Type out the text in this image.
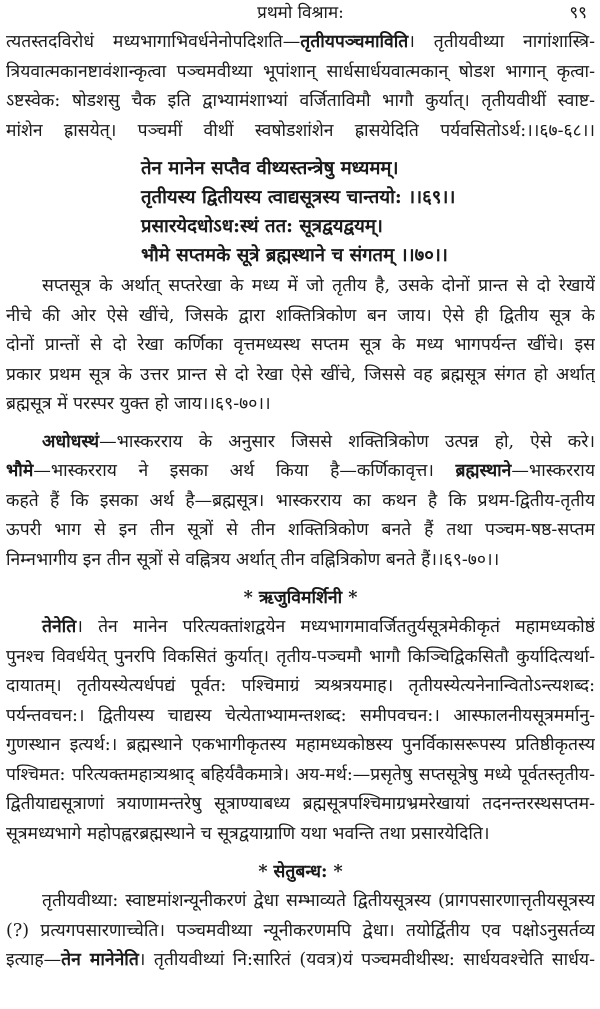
प्रथमो विश्राम:	९९
त्यतस्तदविरोधं मध्यभागाभिवर्धनेनोपदिशति—तृतीयपञ्चमाविति। तृतीयवीथ्या नागांशास्त्रि-
त्रियवात्मकानष्टावंशान्कृत्वा पञ्चमवीथ्या भूपांशान् सार्धसार्धयवात्मकान् षोडश भागान् कृत्वा-
ऽष्टस्वेक: षोडशसु चैक इति द्वाभ्यामंशाभ्यां वर्जिताविमौ भागौ कुर्यात्। तृतीयवीथीं स्वाष्ट-
मांशेन ह्रासयेत्। पञ्चमीं वीथीं स्वषोडशांशेन ह्रासयेदिति पर्यवसितोऽर्थ:।।६७-६८।।
तेन मानेन सप्तैव वीथ्यस्तन्त्रेषु मध्यमम्।
तृतीयस्य द्वितीयस्य त्वाद्यसूत्रस्य चान्तयो: ।।६९।।
प्रसारयेदधोऽध:स्थं तत: सूत्रद्वयद्वयम्।
भौमे सप्तमके सूत्रे ब्रह्मस्थाने च संगतम् ।।७०।।
सप्तसूत्र के अर्थात् सप्तरेखा के मध्य में जो तृतीय है, उसके दोनों प्रान्त से दो रेखायें
नीचे की ओर ऐसे खींचे, जिसके द्वारा शक्तित्रिकोण बन जाय। ऐसे ही द्वितीय सूत्र के
दोनों प्रान्तों से दो रेखा कर्णिका वृत्तमध्यस्थ सप्तम सूत्र के मध्य भागपर्यन्त खींचे। इस
प्रकार प्रथम सूत्र के उत्तर प्रान्त से दो रेखा ऐसे खींचे, जिससे वह ब्रह्मसूत्र संगत हो अर्थात्
ब्रह्मसूत्र में परस्पर युक्त हो जाय।।६९-७०।।
अधोधस्थं—भास्करराय के अनुसार जिससे शक्तित्रिकोण उत्पन्न हो, ऐसे करे।
भौमे—भास्करराय ने इसका अर्थ किया है—कर्णिकावृत्त। ब्रह्मस्थाने—भास्करराय
कहते हैं कि इसका अर्थ है—ब्रह्मसूत्र। भास्करराय का कथन है कि प्रथम-द्वितीय-तृतीय
ऊपरी भाग से इन तीन सूत्रों से तीन शक्तित्रिकोण बनते हैं तथा पञ्चम-षष्ठ-सप्तम
निम्नभागीय इन तीन सूत्रों से वह्नित्रय अर्थात् तीन वह्नित्रिकोण बनते हैं।।६९-७०।।
* ऋजुविमर्शिनी *
तेनेति। तेन मानेन परित्यक्तांशद्वयेन मध्यभागमावर्जिततुर्यसूत्रमेकीकृतं महामध्यकोष्ठं
पुनश्च विवर्धयेत् पुनरपि विकसितं कुर्यात्। तृतीय-पञ्चमौ भागौ किञ्चिद्विकसितौ कुर्यादित्यर्था-
दायातम्। तृतीयस्येत्यर्धपद्यं पूर्वत: पश्चिमाग्रं त्र्यश्रत्रयमाह। तृतीयस्येत्यनेनान्वितोऽन्त्यशब्द:
पर्यन्तवचन:। द्वितीयस्य चाद्यस्य चेत्येताभ्यामन्तशब्द: समीपवचन:। आस्फालनीयसूत्रमर्मानु-
गुणस्थान इत्यर्थ:। ब्रह्मस्थाने एकभागीकृतस्य महामध्यकोष्ठस्य पुनर्विकासरूपस्य प्रतिष्ठीकृतस्य
पश्चिमत: परित्यक्तमहात्र्यश्राद् बहिर्यवैकमात्रे। अय-मर्थ:—प्रसृतेषु सप्तसूत्रेषु मध्ये पूर्वतस्तृतीय-
द्वितीयाद्यसूत्राणां त्रयाणामन्तरेषु सूत्राण्याबध्य ब्रह्मसूत्रपश्चिमाग्रभ्रमरेखायां तदनन्तरस्थसप्तम-
सूत्रमध्यभागे महोपह्वरब्रह्मस्थाने च सूत्रद्वयाग्राणि यथा भवन्ति तथा प्रसारयेदिति।
* सेतुबन्ध: *
तृतीयवीथ्या: स्वाष्टमांशन्यूनीकरणं द्वेधा सम्भाव्यते द्वितीयसूत्रस्य (प्रागपसारणात्तृतीयसूत्रस्य
(?) प्रत्यगपसारणाच्चेति। पञ्चमवीथ्या न्यूनीकरणमपि द्वेधा। तयोर्द्वितीय एव पक्षोऽनुसर्तव्य
इत्याह—तेन मानेनेति। तृतीयवीथ्यां नि:सारितं (यवत्र)यं पञ्चमवीथीस्थ: सार्धयवश्चेति सार्धय-
